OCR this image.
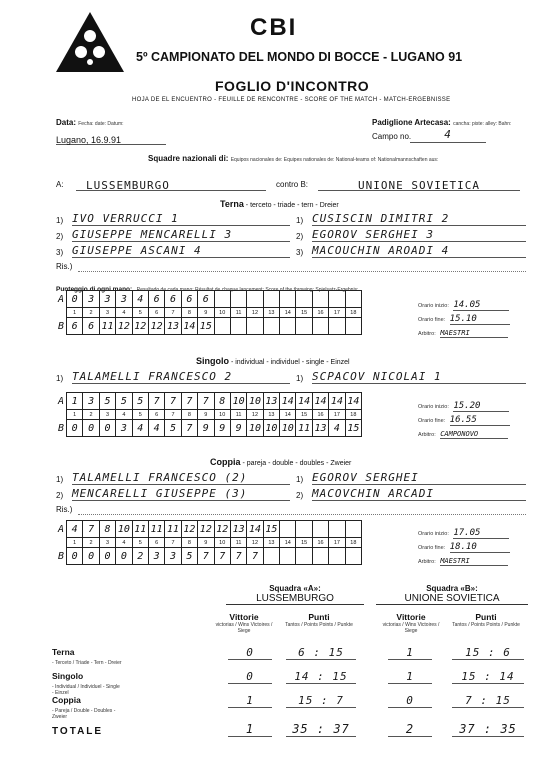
CBI
5º CAMPIONATO DEL MONDO DI BOCCE - LUGANO 91
FOGLIO D'INCONTRO
HOJA DE EL ENCUENTRO - FEUILLE DE RENCONTRE - SCORE OF THE MATCH - MATCH-ERGEBNISSE
Data: Fecha: date: Datum:
Lugano, 16.9.91
Padiglione Artecasa: cancha: piste: alley: Bahn:
Campo no.	4
Squadre nazionali di: Equipos nacionales de: Equipes nationales de: National-teams of: Nationalmannschaften aus:
A:	LUSSEMBURGO	contro B:	UNIONE SOVIETICA
Terna - terceto - triade - tern - Dreier
1) IVO VERRUCCI 1	1) CUSISCIN DIMITRI 2
2) GIUSEPPE MENCARELLI 3	2) EGOROV SERGHEI 3
3) GIUSEPPE ASCANI 4	3) MACOUCHIN AROADI 4
Ris.)
Punteggio di ogni mano: Resultado de cada mano: Résultat de chaque lancement: Score of the throwing: Spielsatz-Ergebnis:
A	0	3	3	3	4	6	6	6	6									
	1	2	3	4	5	6	7	8	9	10	11	12	13	14	15	16	17	18
B	6	6	11	12	12	12	13	14	15									
Orario inizio: 14.05
Orario fine: 15.10
Arbitro: MAESTRI
Singolo - individual - individuel - single - Einzel
1) TALAMELLI FRANCESCO 2	1) SCPACOV NICOLAI 1
A	1	3	5	5	5	7	7	7	7	8	10	10	13	14	14	14	14	14
	1	2	3	4	5	6	7	8	9	10	11	12	13	14	15	16	17	18
B	0	0	0	3	4	4	5	7	9	9	9	10	10	10	11	13	4	15
Orario inizio: 15.20
Orario fine: 16.55
Arbitro: CAMPONOVO
Coppia - pareja - double - doubles - Zweier
1) TALAMELLI FRANCESCO (2)	1) EGOROV SERGHEI
2) MENCARELLI GIUSEPPE (3)	2) MACOVCHIN ARCADI
Ris.)
A	4	7	8	10	11	11	11	12	12	12	13	14	15					
	1	2	3	4	5	6	7	8	9	10	11	12	13	14	15	16	17	18
B	0	0	0	0	2	3	3	5	7	7	7	7						
Orario inizio: 17.05
Orario fine: 18.10
Arbitro: MAESTRI
Squadra «A»:
LUSSEMBURGO
Squadra «B»:
UNIONE SOVIETICA
Vittorie
victorias / Wins Victoires / Siege
Punti
Tantos / Points Points / Punkte
Vittorie
victorias / Wins Victoires / Siege
Punti
Tantos / Points Points / Punkte
Terna
- Terceto / Triade - Tern - Dreier
0	6 : 15	1	15 : 6
Singolo
- Individual / Individuel - Single - Einzel
0	14 : 15	1	15 : 14
Coppia
- Pareja / Double - Doubles - Zweier
1	15 : 7	0	7 : 15
TOTALE	1	35 : 37	2	37 : 35
